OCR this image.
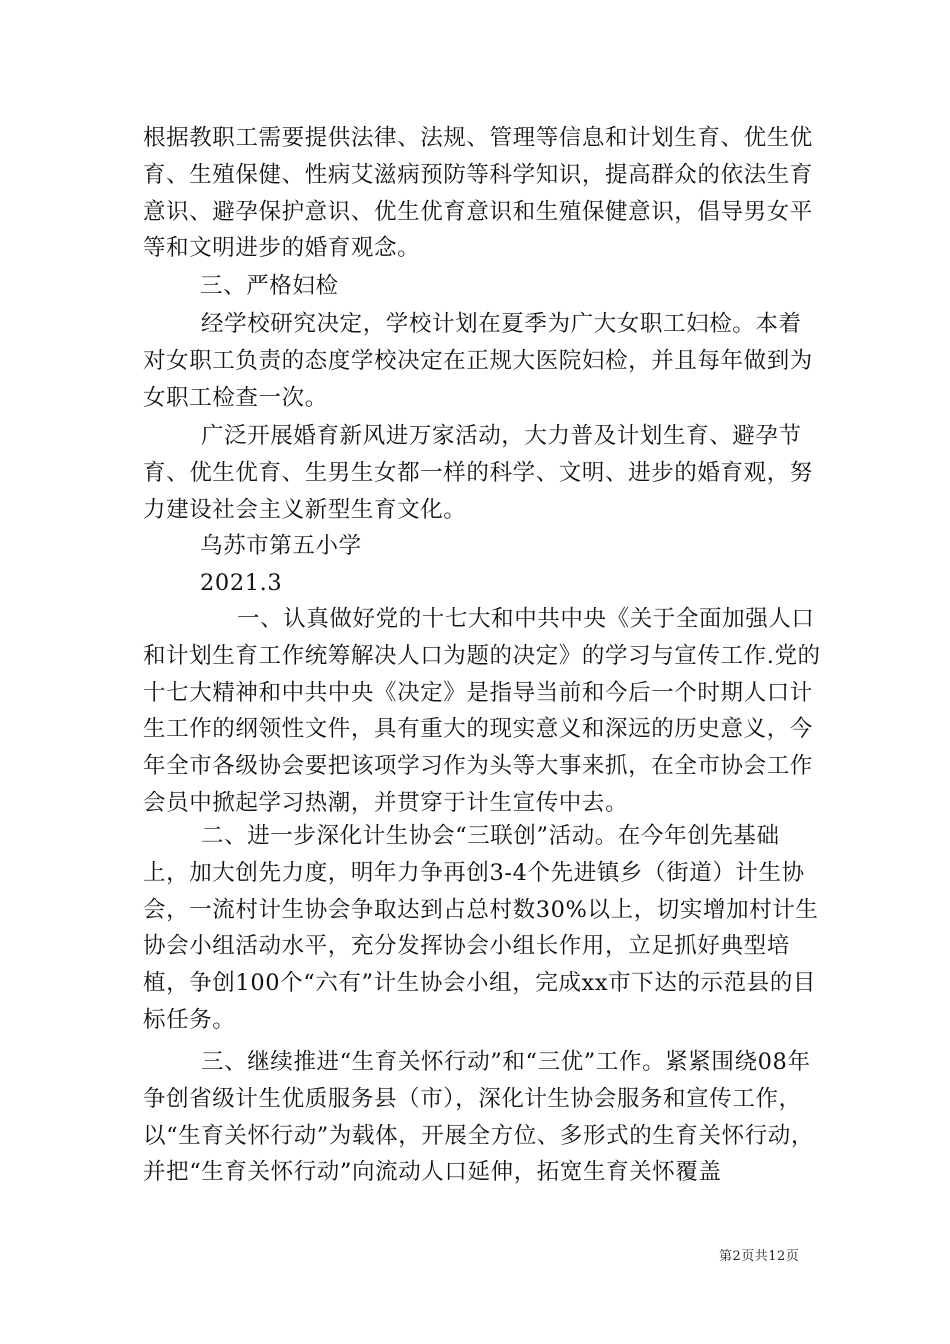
根据教职工需要提供法律、法规、管理等信息和计划生育、优生优育、生殖保健、性病艾滋病预防等科学知识，提高群众的依法生育意识、避孕保护意识、优生优育意识和生殖保健意识，倡导男女平等和文明进步的婚育观念。

三、严格妇检

经学校研究决定，学校计划在夏季为广大女职工妇检。本着对女职工负责的态度学校决定在正规大医院妇检，并且每年做到为女职工检查一次。

广泛开展婚育新风进万家活动，大力普及计划生育、避孕节育、优生优育、生男生女都一样的科学、文明、进步的婚育观，努力建设社会主义新型生育文化。

乌苏市第五小学

2021.3

一、认真做好党的十七大和中共中央《关于全面加强人口和计划生育工作统筹解决人口为题的决定》的学习与宣传工作.党的十七大精神和中共中央《决定》是指导当前和今后一个时期人口计生工作的纲领性文件，具有重大的现实意义和深远的历史意义，今年全市各级协会要把该项学习作为头等大事来抓，在全市协会工作会员中掀起学习热潮，并贯穿于计生宣传中去。

二、进一步深化计生协会“三联创”活动。在今年创先基础上，加大创先力度，明年力争再创3-4个先进镇乡（街道）计生协会，一流村计生协会争取达到占总村数30%以上，切实增加村计生协会小组活动水平，充分发挥协会小组长作用，立足抓好典型培植，争创100个“六有”计生协会小组，完成xx市下达的示范县的目标任务。

三、继续推进“生育关怀行动”和“三优”工作。紧紧围绕08年争创省级计生优质服务县（市），深化计生协会服务和宣传工作，以“生育关怀行动”为载体，开展全方位、多形式的生育关怀行动，并把“生育关怀行动”向流动人口延伸，拓宽生育关怀覆盖

第2页共12页
